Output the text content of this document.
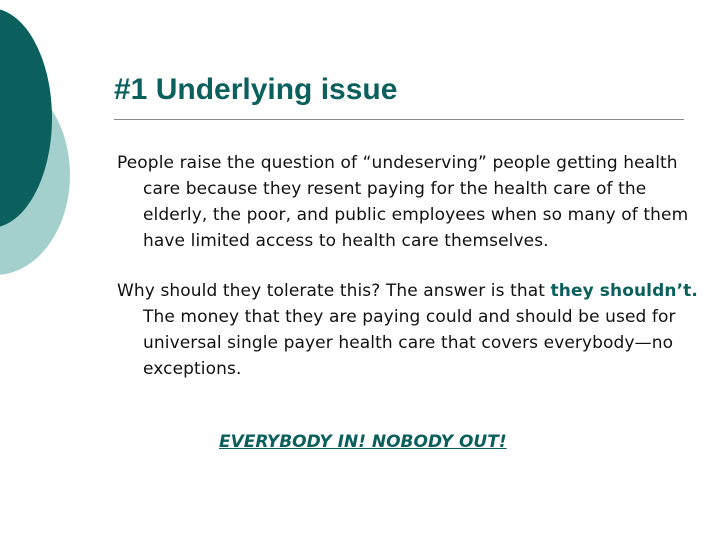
#1 Underlying issue

People raise the question of “undeserving” people getting health care because they resent paying for the health care of the elderly, the poor, and public employees when so many of them have limited access to health care themselves.

Why should they tolerate this? The answer is that they shouldn’t. The money that they are paying could and should be used for universal single payer health care that covers everybody—no exceptions.

EVERYBODY IN! NOBODY OUT!
